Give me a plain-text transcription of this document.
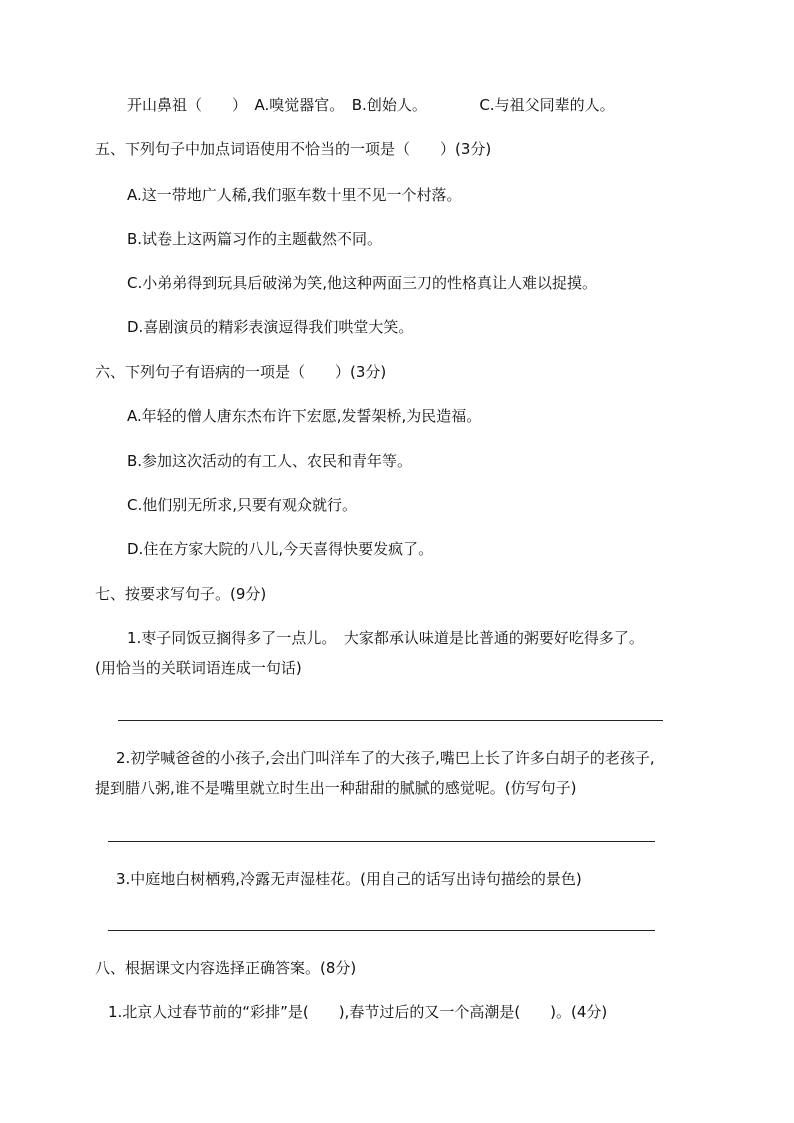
开山鼻祖（　　）　A.嗅觉器官。　B.创始人。　　　　C.与祖父同辈的人。
五、下列句子中加点词语使用不恰当的一项是（　　）(3分)
A.这一带地广人稀,我们驱车数十里不见一个村落。
B.试卷上这两篇习作的主题截然不同。
C.小弟弟得到玩具后破涕为笑,他这种两面三刀的性格真让人难以捉摸。
D.喜剧演员的精彩表演逗得我们哄堂大笑。
六、下列句子有语病的一项是（　　）(3分)
A.年轻的僧人唐东杰布许下宏愿,发誓架桥,为民造福。
B.参加这次活动的有工人、农民和青年等。
C.他们别无所求,只要有观众就行。
D.住在方家大院的八儿,今天喜得快要发疯了。
七、按要求写句子。(9分)
1.枣子同饭豆搁得多了一点儿。　大家都承认味道是比普通的粥要好吃得多了。
(用恰当的关联词语连成一句话)
2.初学喊爸爸的小孩子,会出门叫洋车了的大孩子,嘴巴上长了许多白胡子的老孩子,
提到腊八粥,谁不是嘴里就立时生出一种甜甜的腻腻的感觉呢。(仿写句子)
3.中庭地白树栖鸦,冷露无声湿桂花。(用自己的话写出诗句描绘的景色)
八、根据课文内容选择正确答案。(8分)
1.北京人过春节前的“彩排”是(　　),春节过后的又一个高潮是(　　)。(4分)
